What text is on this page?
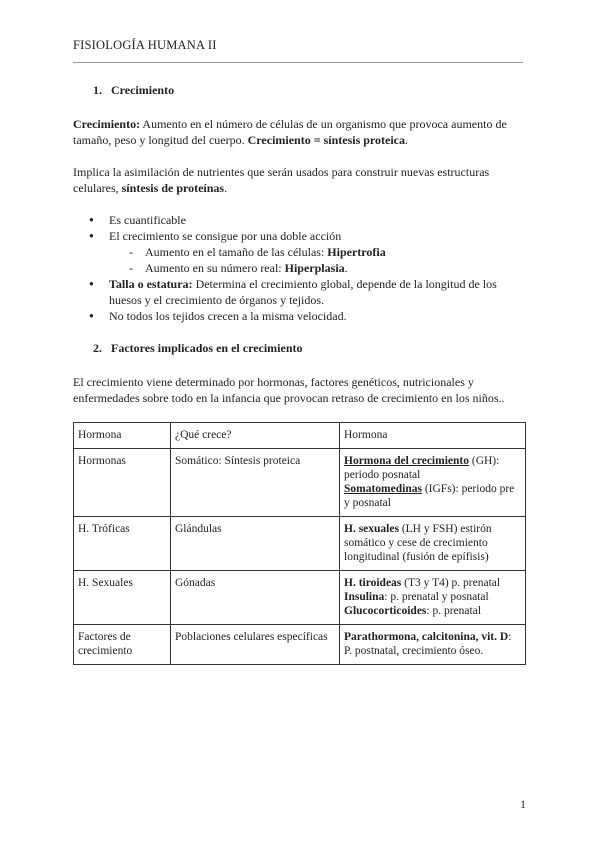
FISIOLOGÍA HUMANA II
1. Crecimiento

Crecimiento: Aumento en el número de células de un organismo que provoca aumento de tamaño, peso y longitud del cuerpo. Crecimiento = síntesis proteica.

Implica la asimilación de nutrientes que serán usados para construir nuevas estructuras celulares, síntesis de proteínas.

● Es cuantificable
● El crecimiento se consigue por una doble acción
- Aumento en el tamaño de las células: Hipertrofia
- Aumento en su número real: Hiperplasia.
● Talla o estatura: Determina el crecimiento global, depende de la longitud de los huesos y el crecimiento de órganos y tejidos.
● No todos los tejidos crecen a la misma velocidad.
2. Factores implicados en el crecimiento

El crecimiento viene determinado por hormonas, factores genéticos, nutricionales y enfermedades sobre todo en la infancia que provocan retraso de crecimiento en los niños..

Hormona	¿Qué crece?	Hormona
Hormonas	Somático: Síntesis proteica	Hormona del crecimiento (GH): periodo posnatal
Somatomedinas (IGFs): periodo pre y posnatal
H. Tróficas	Glándulas	H. sexuales (LH y FSH) estirón somático y cese de crecimiento longitudinal (fusión de epífisis)
H. Sexuales	Gónadas	H. tiroideas (T3 y T4) p. prenatal
Insulina: p. prenatal y posnatal
Glucocorticoides: p. prenatal
Factores de crecimiento	Poblaciones celulares específicas	Parathormona, calcitonina, vit. D: P. postnatal, crecimiento óseo.
1
